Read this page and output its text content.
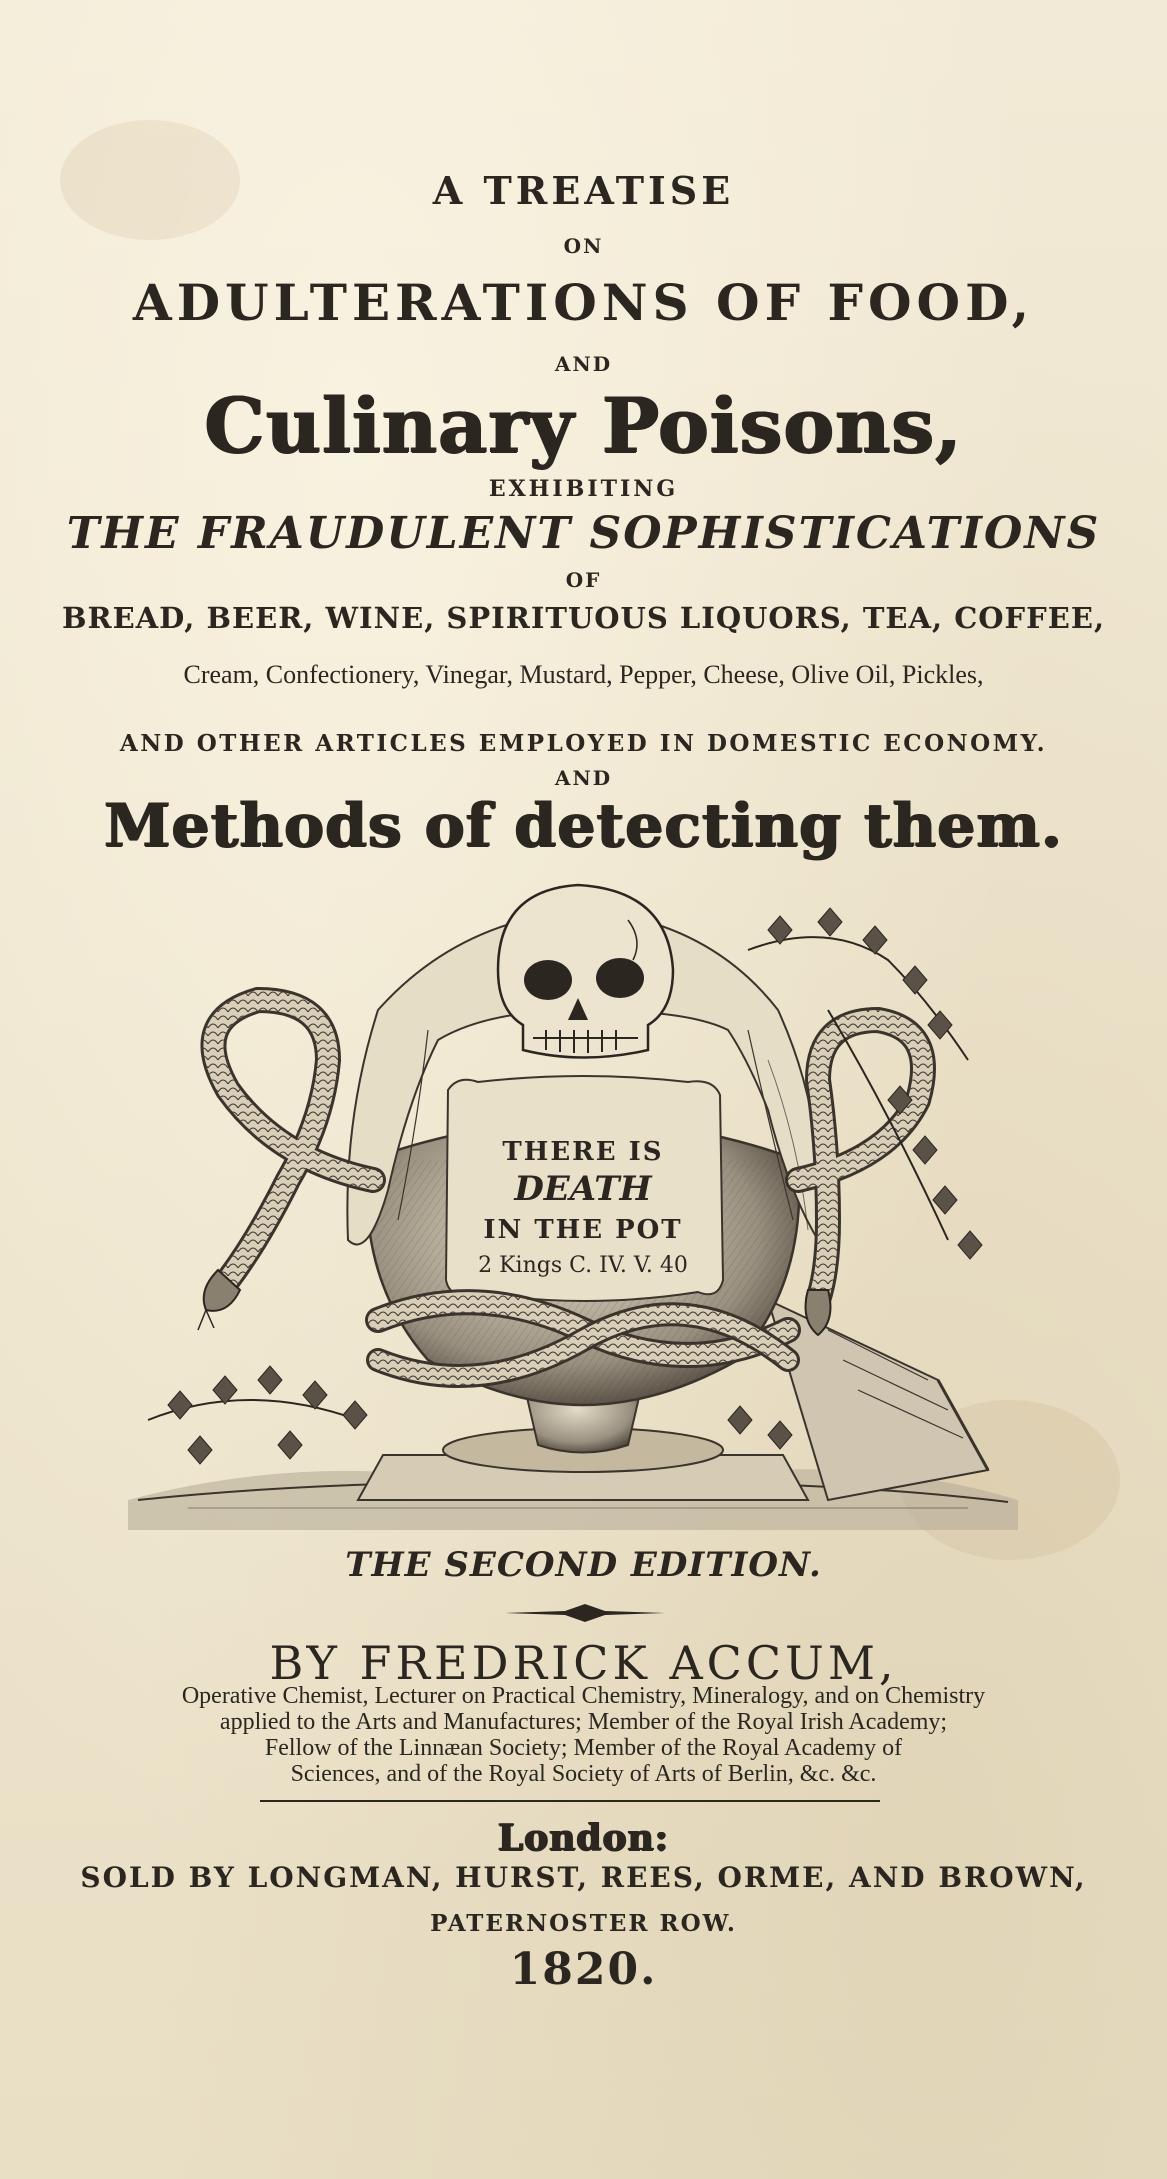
A TREATISE

ON

ADULTERATIONS OF FOOD,

AND

Culinary Poisons,

EXHIBITING

THE FRAUDULENT SOPHISTICATIONS

OF

BREAD, BEER, WINE, SPIRITUOUS LIQUORS, TEA, COFFEE,

Cream, Confectionery, Vinegar, Mustard, Pepper, Cheese, Olive Oil, Pickles,

AND OTHER ARTICLES EMPLOYED IN DOMESTIC ECONOMY.

AND

Methods of detecting them.

THERE IS
DEATH
IN THE POT
2 Kings C. IV. V. 40

THE SECOND EDITION.

BY FREDRICK ACCUM,

Operative Chemist, Lecturer on Practical Chemistry, Mineralogy, and on Chemistry

applied to the Arts and Manufactures; Member of the Royal Irish Academy;

Fellow of the Linnæan Society; Member of the Royal Academy of

Sciences, and of the Royal Society of Arts of Berlin, &c. &c.

London:

SOLD BY LONGMAN, HURST, REES, ORME, AND BROWN,

PATERNOSTER ROW.

1820.
